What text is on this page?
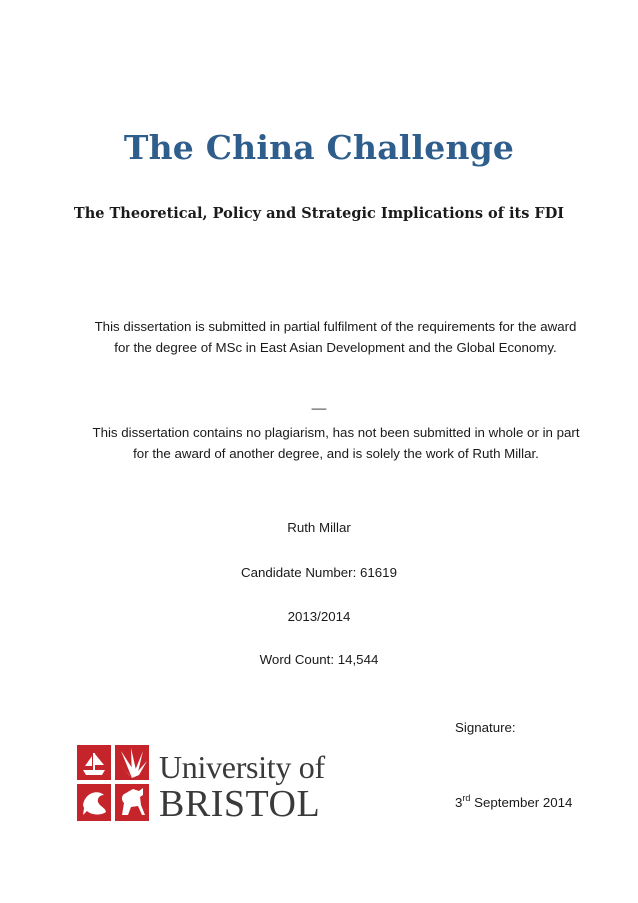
The China Challenge
The Theoretical, Policy and Strategic Implications of its FDI
This dissertation is submitted in partial fulfilment of the requirements for the award for the degree of MSc in East Asian Development and the Global Economy.
__
This dissertation contains no plagiarism, has not been submitted in whole or in part for the award of another degree, and is solely the work of Ruth Millar.
Ruth Millar
Candidate Number: 61619
2013/2014
Word Count: 14,544
Signature:
3rd September 2014
University of
BRISTOL
